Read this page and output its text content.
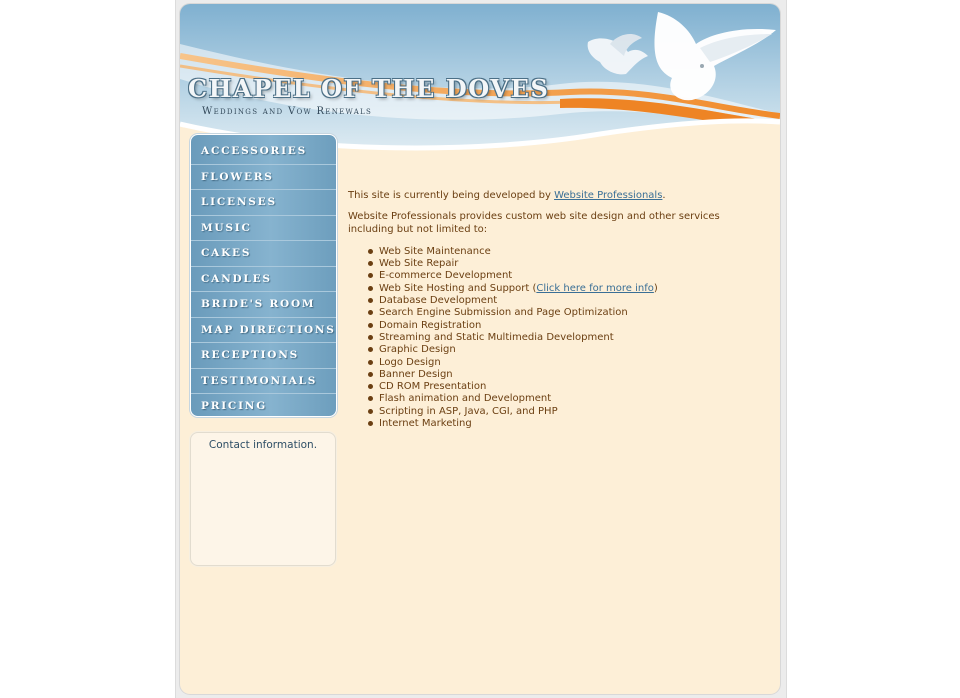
CHAPEL OF THE DOVES
Weddings and Vow Renewals
ACCESSORIES
FLOWERS
LICENSES
MUSIC
CAKES
CANDLES
BRIDE'S ROOM
MAP DIRECTIONS
RECEPTIONS
TESTIMONIALS
PRICING
Contact information.

This site is currently being developed by Website Professionals.

Website Professionals provides custom web site design and other services including but not limited to:

Web Site Maintenance
Web Site Repair
E-commerce Development
Web Site Hosting and Support (Click here for more info)
Database Development
Search Engine Submission and Page Optimization
Domain Registration
Streaming and Static Multimedia Development
Graphic Design
Logo Design
Banner Design
CD ROM Presentation
Flash animation and Development
Scripting in ASP, Java, CGI, and PHP
Internet Marketing
